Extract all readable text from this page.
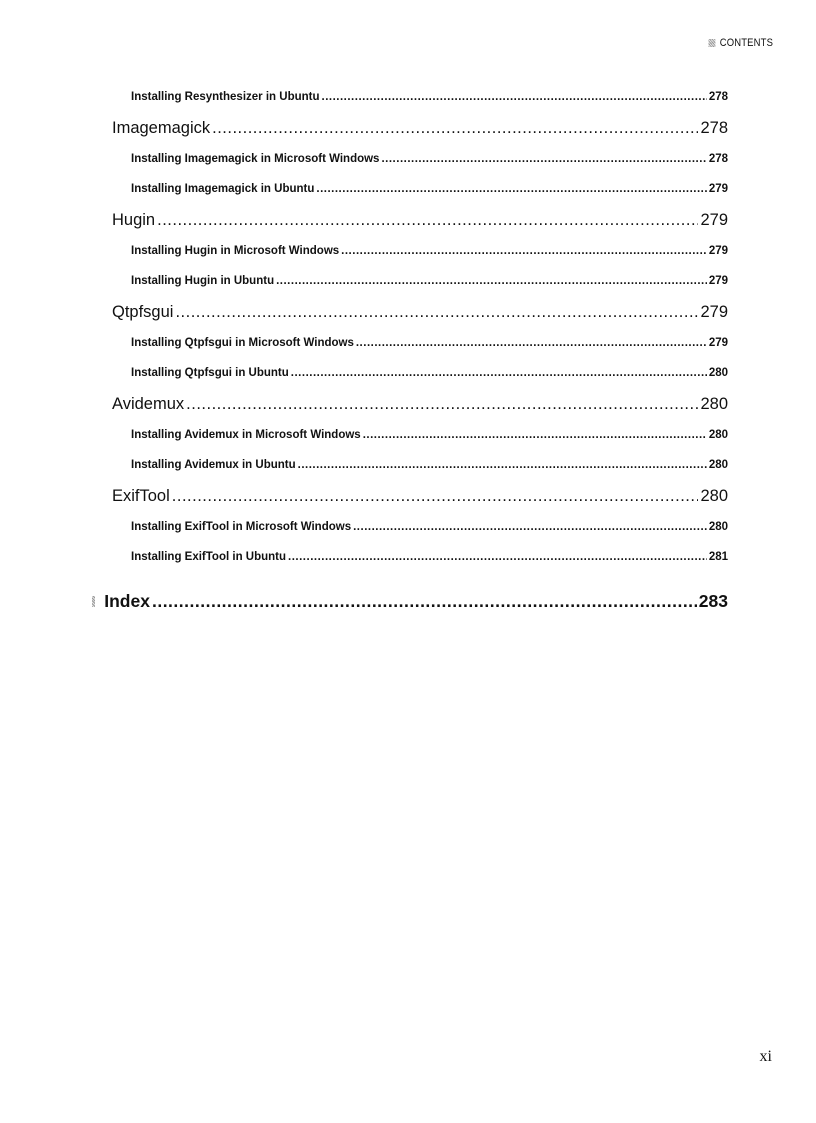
CONTENTS
Installing Resynthesizer in Ubuntu .....	278
Imagemagick .....	278
Installing Imagemagick in Microsoft Windows .....	278
Installing Imagemagick in Ubuntu .....	279
Hugin .....	279
Installing Hugin in Microsoft Windows .....	279
Installing Hugin in Ubuntu .....	279
Qtpfsgui .....	279
Installing Qtpfsgui in Microsoft Windows .....	279
Installing Qtpfsgui in Ubuntu .....	280
Avidemux .....	280
Installing Avidemux in Microsoft Windows .....	280
Installing Avidemux in Ubuntu .....	280
ExifTool .....	280
Installing ExifTool in Microsoft Windows .....	280
Installing ExifTool in Ubuntu .....	281
Index .....	283
xi
